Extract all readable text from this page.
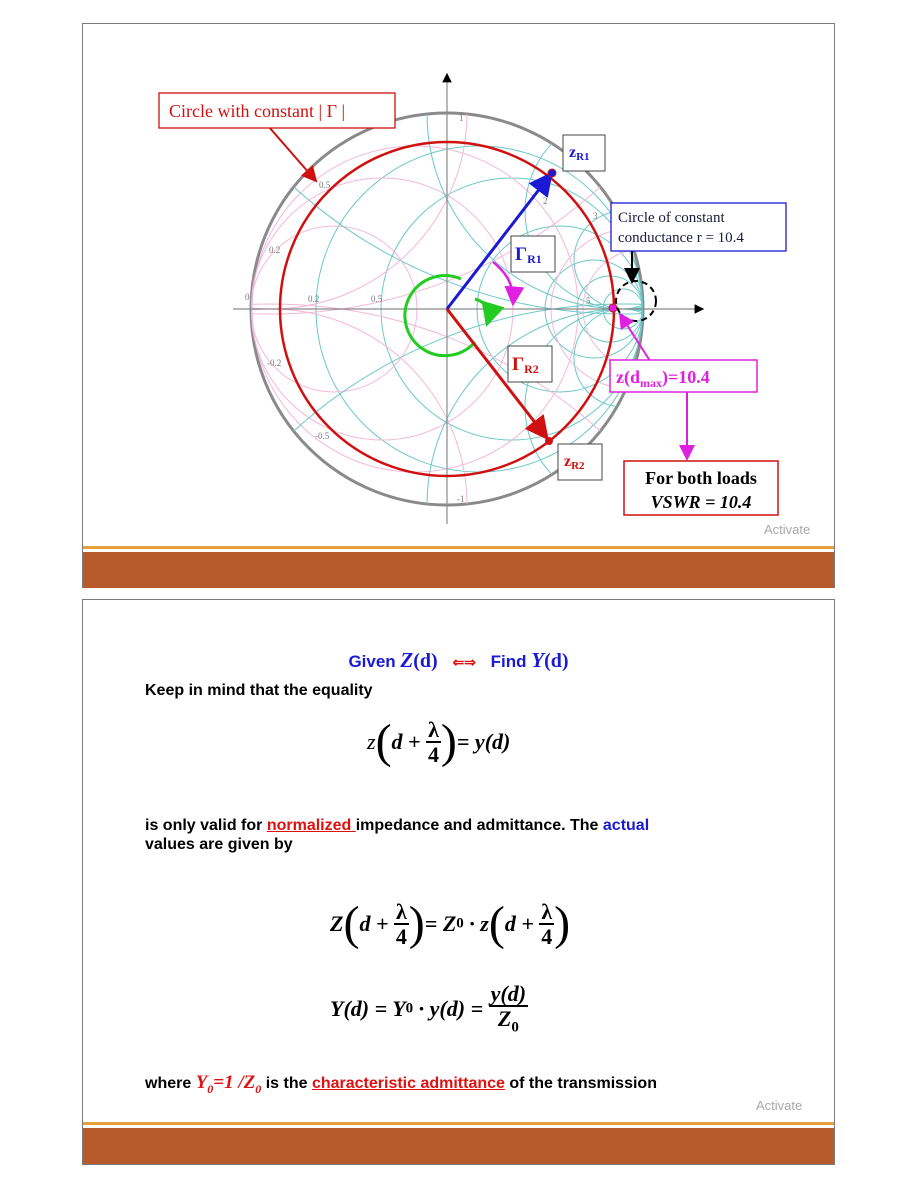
1
0.5
0.2
0	0.2	0.5
-0.2
-0.5
-1
2
3
5
Circle with constant | Γ |
zR1
ΓR1
ΓR2
zR2
Circle of constant
conductance r = 10.4
$z(d_{max})=10.4$
For both loads
VSWR = 10.4
Activate
Given Z(d) ⇐⇒ Find Y(d)
Keep in mind that the equality
$z(d + \frac{\lambda}{4}$ )= y(d)
is only valid for normalized impedance and admittance. The actual
values are given by
$Z(d + \frac{\lambda}{4}$ )= $Z0 \cdot z(d + \frac{\lambda}{4}$ )
$Y(d) = Y0 \cdot y(d) = \frac{y(d)}{Z_0}$
where $Y_0=1$ $/Z_0$ is the characteristic admittance of the transmission
Activate
